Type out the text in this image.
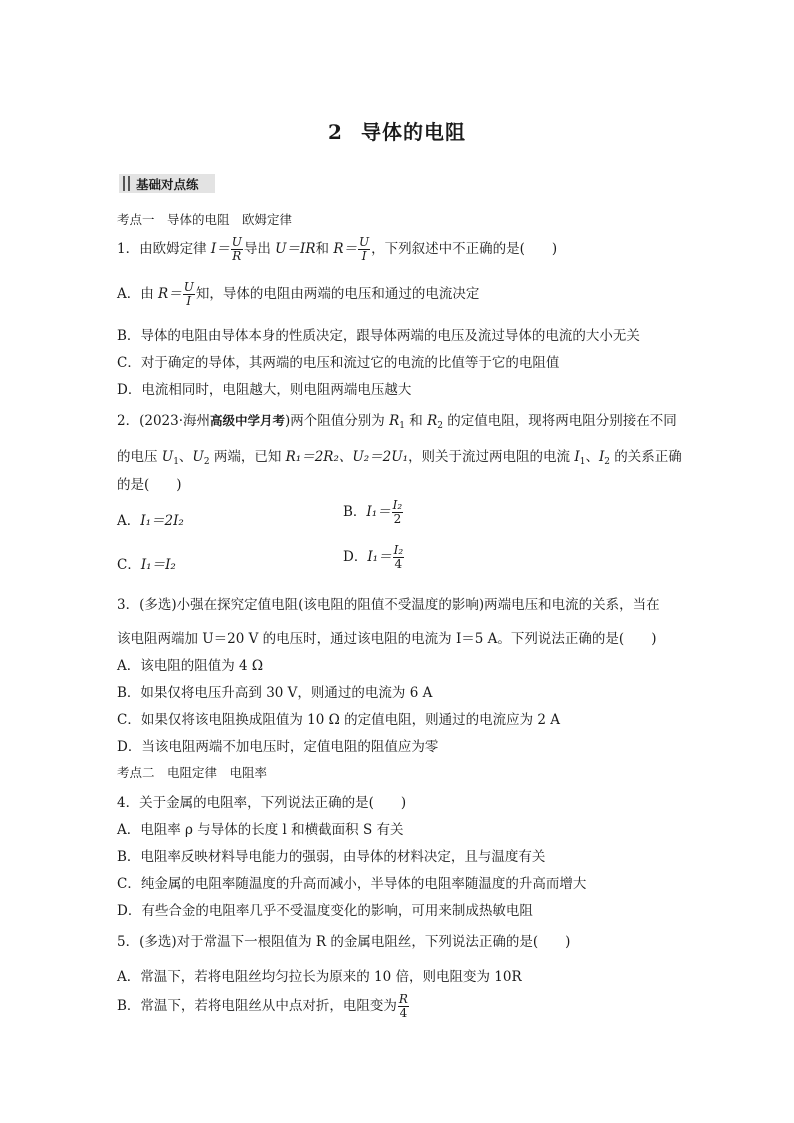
2 导体的电阻
基础对点练
考点一　导体的电阻　欧姆定律
1．由欧姆定律 $I= \frac{U}{R}$ 导出 U＝IR和 $R= \frac{U}{I}$ ，下列叙述中不正确的是(　　)
A．由 $R= \frac{U}{I}$ 知，导体的电阻由两端的电压和通过的电流决定
B．导体的电阻由导体本身的性质决定，跟导体两端的电压及流过导体的电流的大小无关
C．对于确定的导体，其两端的电压和流过它的电流的比值等于它的电阻值
D．电流相同时，电阻越大，则电阻两端电压越大
2．(2023·海州高级中学月考)两个阻值分别为 $R_1$ 和 $R_2$ 的定值电阻，现将两电阻分别接在不同
的电压 $U_1$、$U_2$ 两端，已知 R₁＝2R₂、U₂＝2U₁，则关于流过两电阻的电流 $I_1$、$I_2$ 的关系正确
的是(　　)
A．I₁＝2I₂
B．$I_1= \frac{\text{I₂}}{2}$
C．I₁＝I₂	D．$I_1= \frac{\text{I₂}}{4}$
3．(多选)小强在探究定值电阻(该电阻的阻值不受温度的影响)两端电压和电流的关系，当在
该电阻两端加 U＝20 V 的电压时，通过该电阻的电流为 I＝5 A。下列说法正确的是(　　)
A．该电阻的阻值为 4 Ω
B．如果仅将电压升高到 30 V，则通过的电流为 6 A
C．如果仅将该电阻换成阻值为 10 Ω 的定值电阻，则通过的电流应为 2 A
D．当该电阻两端不加电压时，定值电阻的阻值应为零
考点二　电阻定律　电阻率
4．关于金属的电阻率，下列说法正确的是(　　)
A．电阻率 ρ 与导体的长度 l 和横截面积 S 有关
B．电阻率反映材料导电能力的强弱，由导体的材料决定，且与温度有关
C．纯金属的电阻率随温度的升高而减小，半导体的电阻率随温度的升高而增大
D．有些合金的电阻率几乎不受温度变化的影响，可用来制成热敏电阻
5．(多选)对于常温下一根阻值为 R 的金属电阻丝，下列说法正确的是(　　)
A．常温下，若将电阻丝均匀拉长为原来的 10 倍，则电阻变为 10R
B．常温下，若将电阻丝从中点对折，电阻变为 $\frac{R}{4}$
